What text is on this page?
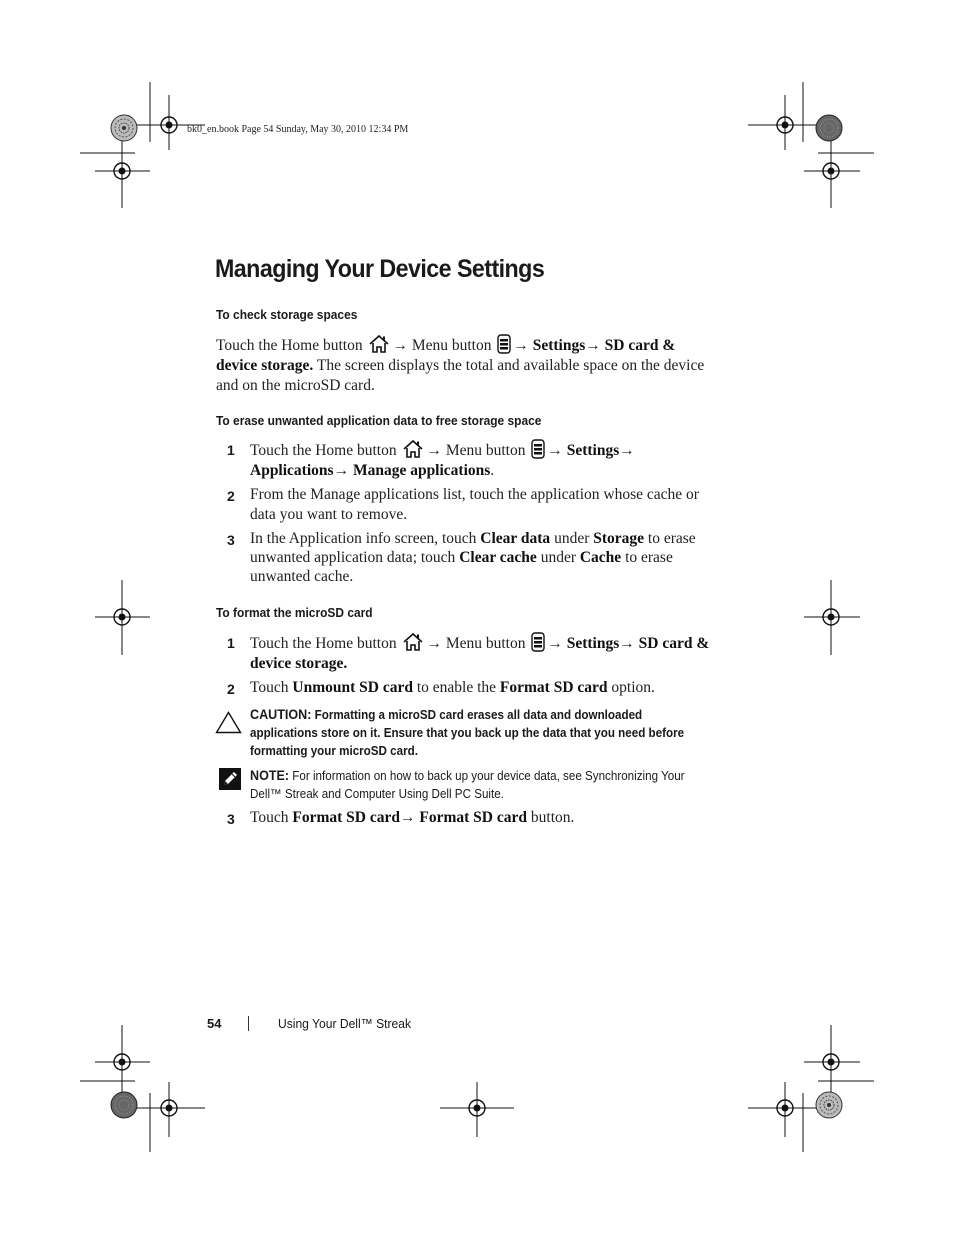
bk0_en.book Page 54 Sunday, May 30, 2010 12:34 PM
Managing Your Device Settings
To check storage spaces
Touch the Home button → Menu button → Settings→ SD card & device storage. The screen displays the total and available space on the device and on the microSD card.
To erase unwanted application data to free storage space
1 Touch the Home button → Menu button → Settings→
Applications→ Manage applications.
2 From the Manage applications list, touch the application whose cache or data you want to remove.
3 In the Application info screen, touch Clear data under Storage to erase unwanted application data; touch Clear cache under Cache to erase unwanted cache.
To format the microSD card
1 Touch the Home button → Menu button → Settings→ SD card & device storage.
2 Touch Unmount SD card to enable the Format SD card option.
CAUTION: Formatting a microSD card erases all data and downloaded applications store on it. Ensure that you back up the data that you need before formatting your microSD card.
NOTE: For information on how to back up your device data, see Synchronizing Your Dell™ Streak and Computer Using Dell PC Suite.
3 Touch Format SD card→ Format SD card button.
54	Using Your Dell™ Streak
